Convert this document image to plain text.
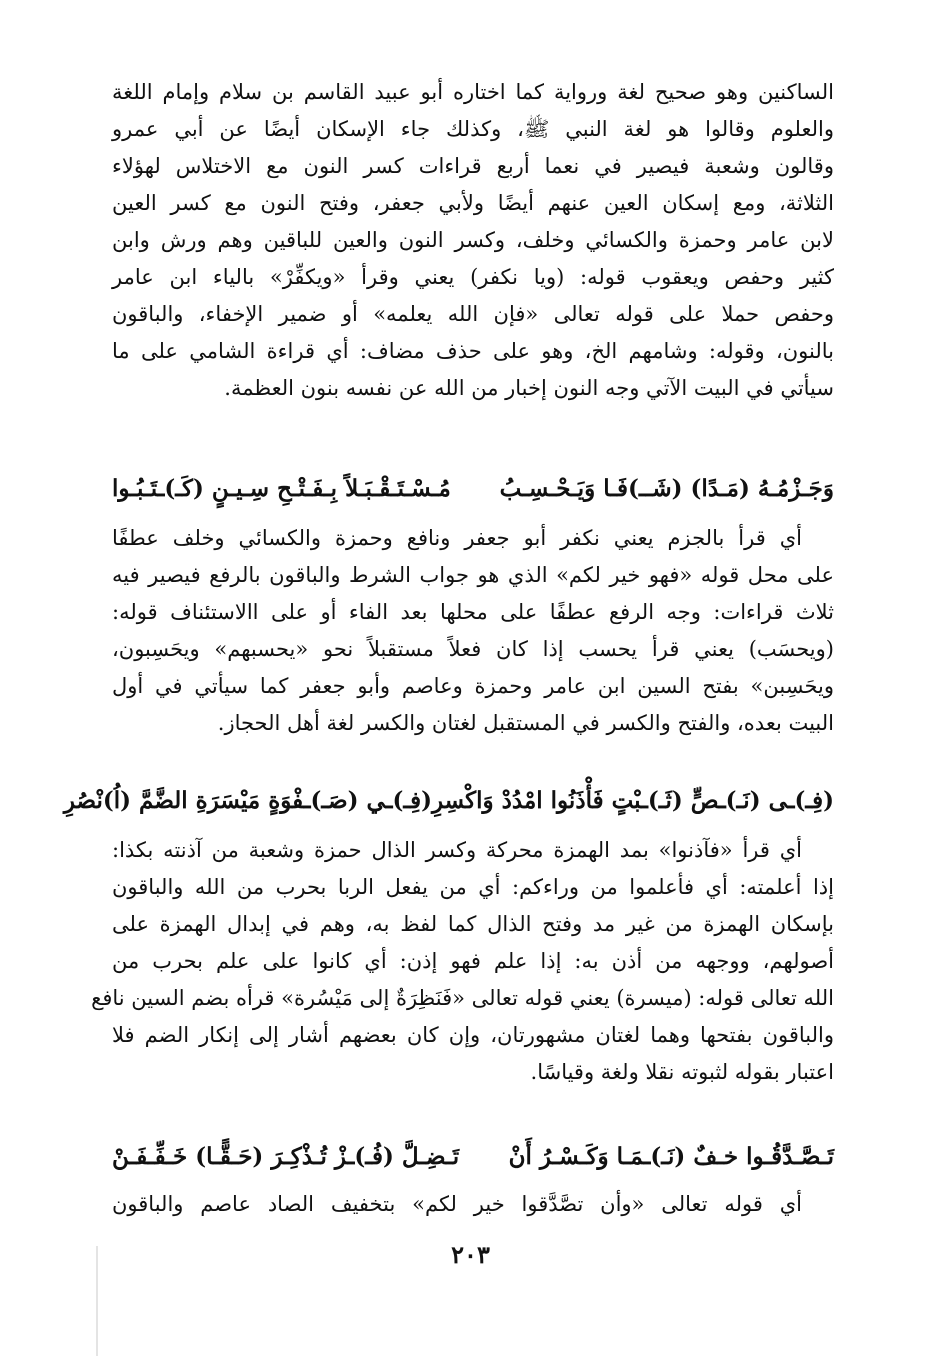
الساكنين وهو صحيح لغة ورواية كما اختاره أبو عبيد القاسم بن سلام وإمام اللغة
والعلوم وقالوا هو لغة النبي ﷺ، وكذلك جاء الإسكان أيضًا عن أبي عمرو
وقالون وشعبة فيصير في نعما أربع قراءات كسر النون مع الاختلاس لهؤلاء
الثلاثة، ومع إسكان العين عنهم أيضًا ولأبي جعفر، وفتح النون مع كسر العين
لابن عامر وحمزة والكسائي وخلف، وكسر النون والعين للباقين وهم ورش وابن
كثير وحفص ويعقوب قوله: (ويا نكفر) يعني وقرأ «ويكفِّرْ» بالياء ابن عامر
وحفص حملا على قوله تعالى «فإن الله يعلمه» أو ضمير الإخفاء، والباقون
بالنون، وقوله: وشامهم الخ، وهو على حذف مضاف: أي قراءة الشامي على ما
سيأتي في البيت الآتي وجه النون إخبار من الله عن نفسه بنون العظمة.
وَجَـزْمُـهُ (مَـدًا) (شَــ)فَـا وَيَـحْـسِـبُ
مُـسْـتَـقْـبَـلاً بِـفَـتْـحِ سِـيـنٍ (كَـ)ـتَـبُـوا
أي قرأ بالجزم يعني نكفر أبو جعفر ونافع وحمزة والكسائي وخلف عطفًا
على محل قوله «فهو خير لكم» الذي هو جواب الشرط والباقون بالرفع فيصير فيه
ثلاث قراءات: وجه الرفع عطفًا على محلها بعد الفاء أو على االاستئناف قوله:
(ويحسَب) يعني قرأ يحسب إذا كان فعلاً مستقبلاً نحو «يحسبهم» ويحَسِبون،
ويحَسِبن» بفتح السين ابن عامر وحمزة وعاصم وأبو جعفر كما سيأتي في أول
البيت بعده، والفتح والكسر في المستقبل لغتان والكسر لغة أهل الحجاز.
(فِـ)ـى (نَـ)ـصٍّ (ثَـ)ـبْتٍ فَأْذَنُوا امْدُدْ وَاكْسِرِ
(فِـ)ـي (صَـ)ـفْوَةٍ مَيْسَرَةِ الضَّمَّ (اُ)نْصُرِ
أي قرأ «فآذنوا» بمد الهمزة محركة وكسر الذال حمزة وشعبة من آذنته بكذا:
إذا أعلمته: أي فأعلموا من وراءكم: أي من يفعل الربا بحرب من الله والباقون
بإسكان الهمزة من غير مد وفتح الذال كما لفظ به، وهم في إبدال الهمزة على
أصولهم، ووجهه من أذن به: إذا علم فهو إذن: أي كانوا على علم بحرب من
الله تعالى قوله: (ميسرة) يعني قوله تعالى «فَنَظِرَةٌ إلى مَيْسُرة» قرأه بضم السين نافع
والباقون بفتحها وهما لغتان مشهورتان، وإن كان بعضهم أشار إلى إنكار الضم فلا
اعتبار بقوله لثبوته نقلا ولغة وقياسًا.
تَـصَّـدَّقُـوا خـفٌ (نَـ)ـمَـا وَكَـسْـرُ أَنْ
تَـضِـلَّ (فُـ)ـزْ تُـذْكِـرَ (حَـقًّـا) خَـفِّـفَـنْ
أي قوله تعالى «وأن تصَّدَّقوا خير لكم» بتخفيف الصاد عاصم والباقون
٢٠٣
